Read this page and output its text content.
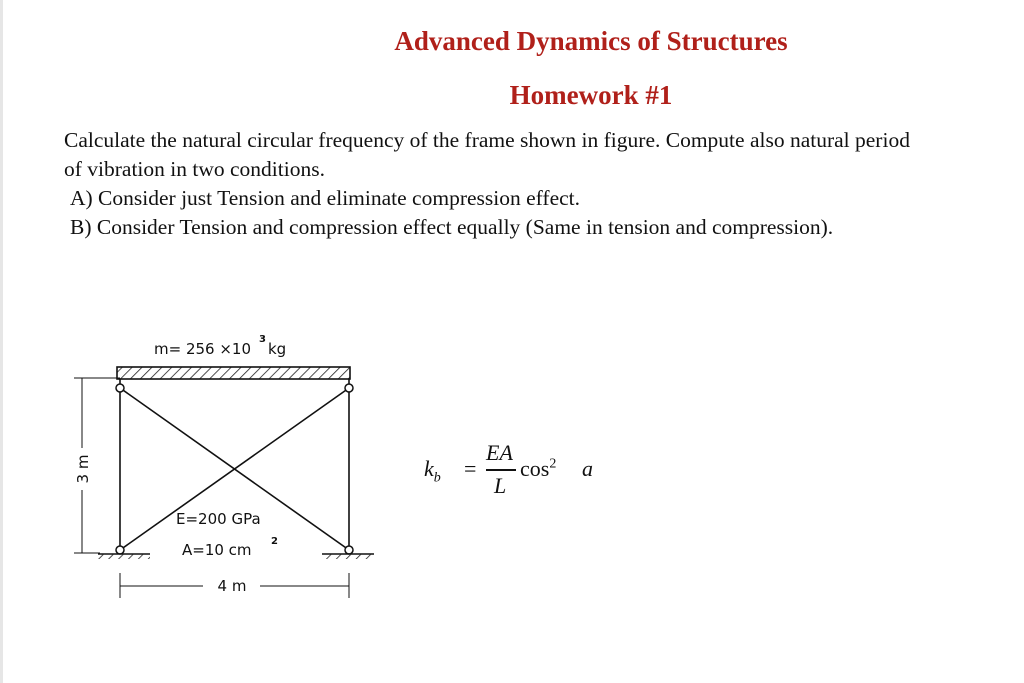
Advanced Dynamics of Structures
Homework #1

Calculate the natural circular frequency of the frame shown in figure. Compute also natural period

of vibration in two conditions.

A) Consider just Tension and eliminate compression effect.

B) Consider Tension and compression effect equally (Same in tension and compression).

m= 256 ×10
3
kg
3 m
E=200 GPa
A=10 cm 2
4 m
$k_b$ =
EA
L
$\cos^2 a$
